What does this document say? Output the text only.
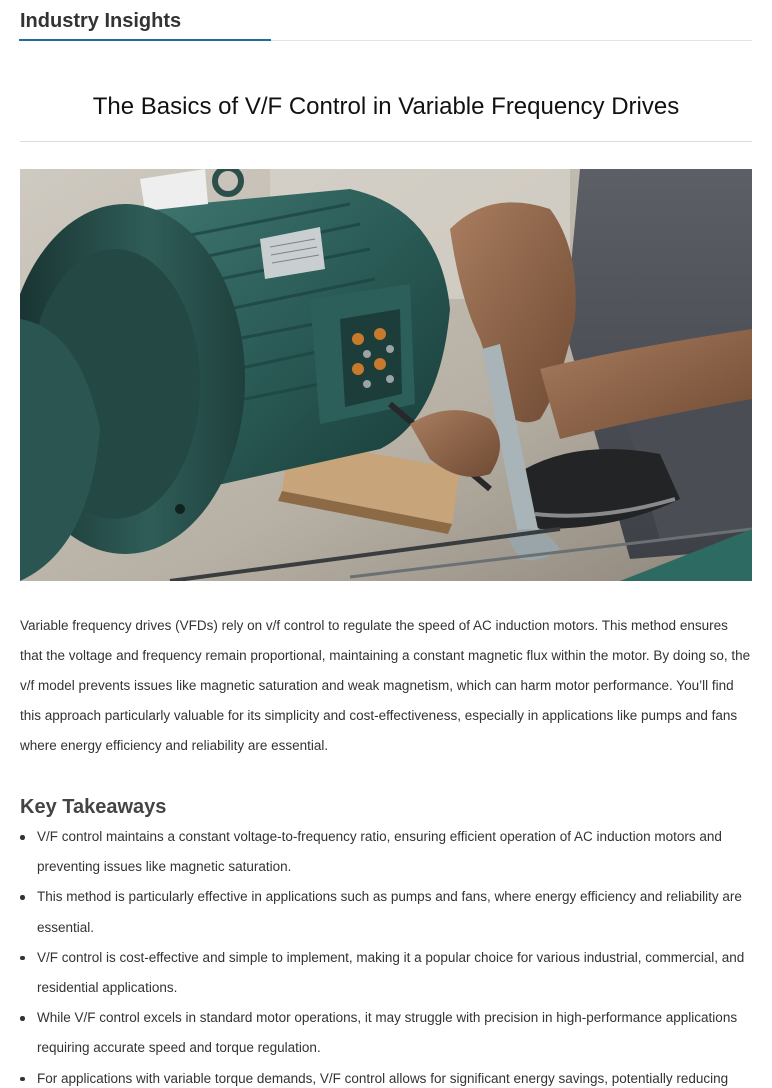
Industry Insights
The Basics of V/F Control in Variable Frequency Drives

Variable frequency drives (VFDs) rely on v/f control to regulate the speed of AC induction motors. This method ensures that the voltage and frequency remain proportional, maintaining a constant magnetic flux within the motor. By doing so, the v/f model prevents issues like magnetic saturation and weak magnetism, which can harm motor performance. You’ll find this approach particularly valuable for its simplicity and cost-effectiveness, especially in applications like pumps and fans where energy efficiency and reliability are essential.

Key Takeaways
V/F control maintains a constant voltage-to-frequency ratio, ensuring efficient operation of AC induction motors and preventing issues like magnetic saturation.
This method is particularly effective in applications such as pumps and fans, where energy efficiency and reliability are essential.
V/F control is cost-effective and simple to implement, making it a popular choice for various industrial, commercial, and residential applications.
While V/F control excels in standard motor operations, it may struggle with precision in high-performance applications requiring accurate speed and torque regulation.
For applications with variable torque demands, V/F control allows for significant energy savings, potentially reducing
